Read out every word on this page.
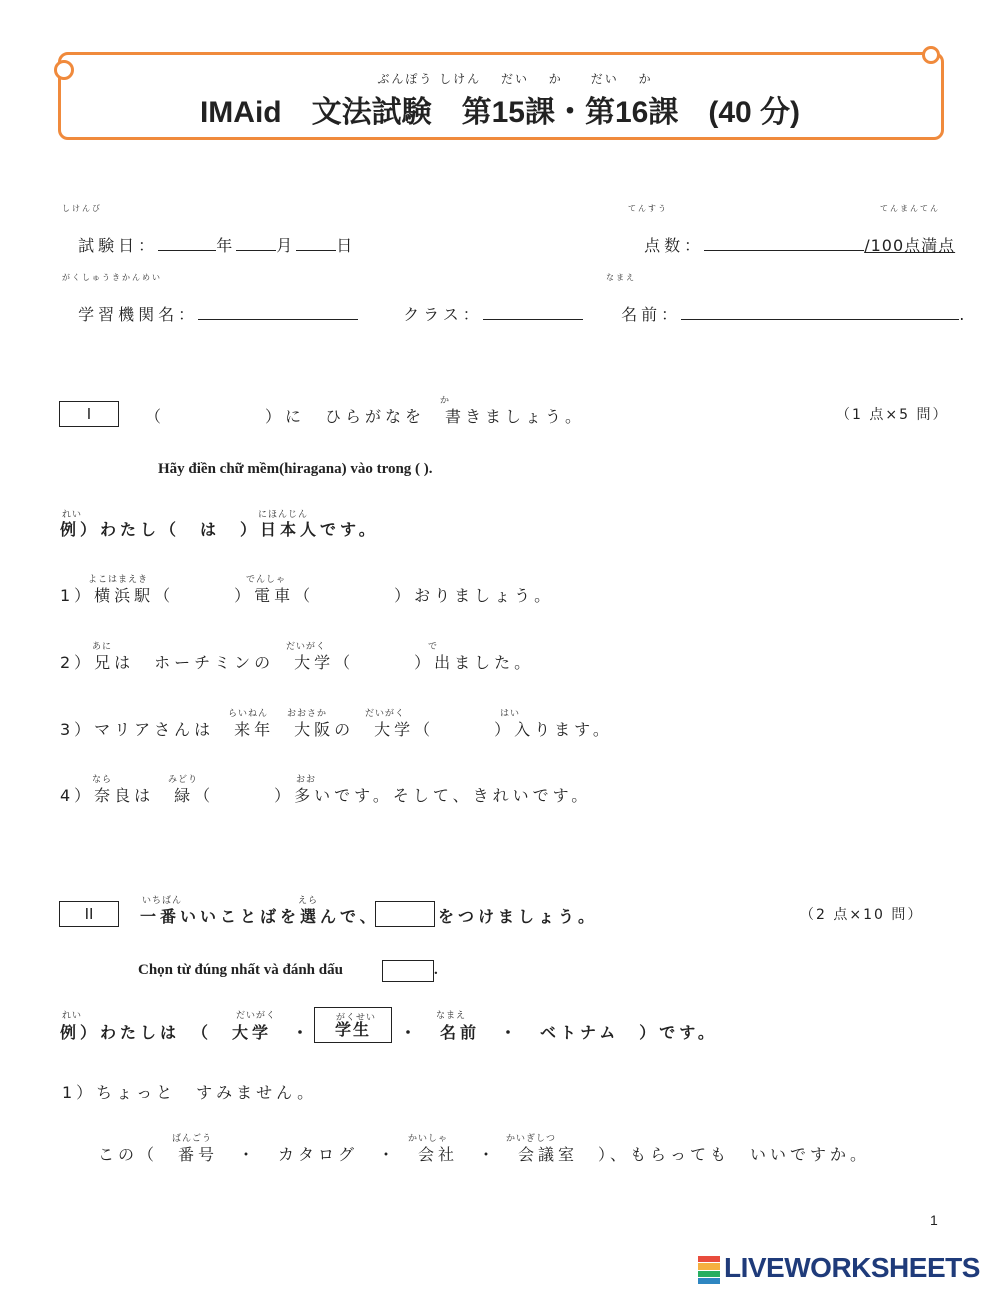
ぶんぽう しけん　 だい　 か　　だい　 か
IMAid　文法試験　第15課・第16課　(40 分)
しけんび

試験日：	年	月	日

てんすう	てんまんてん

点数：	/100点満点

がくしゅうきかんめい

学習機関名：	クラス：

なまえ

名前：	.

I
か
（　　　　　）に　ひらがなを　書きましょう。	（1 点×5 問）
Hãy điền chữ mềm(hiragana) vào trong ( ).
れい	にほんじん
例）わたし（　は　）日本人です。
よこはまえき	でんしゃ
1）横浜駅（　　　）電車（　　　　）おりましょう。
あに	だいがく	で
2）兄は　ホーチミンの　大学（　　　）出ました。
らいねん おおさか	だいがく	はい
3）マリアさんは　来年　大阪の　大学（　　　）入ります。
なら	みどり	おお
4）奈良は　緑（　　　）多いです。そして、きれいです。
II
いちばん	えら
一番いいことばを選んで、	をつけましょう。	（2 点×10 問）
Chọn từ đúng nhất và đánh dấu	.
れい	だいがく	がくせい	なまえ
例）わたしは　（　大学　・	学生	・　名前　・　ベトナム　）です。
1）ちょっと　すみません。
ばんごう	かいしゃ	かいぎしつ
この（　番号　・　カタログ　・　会社　・　会議室　）、もらっても　いいですか。
1
LIVEWORKSHEETS
